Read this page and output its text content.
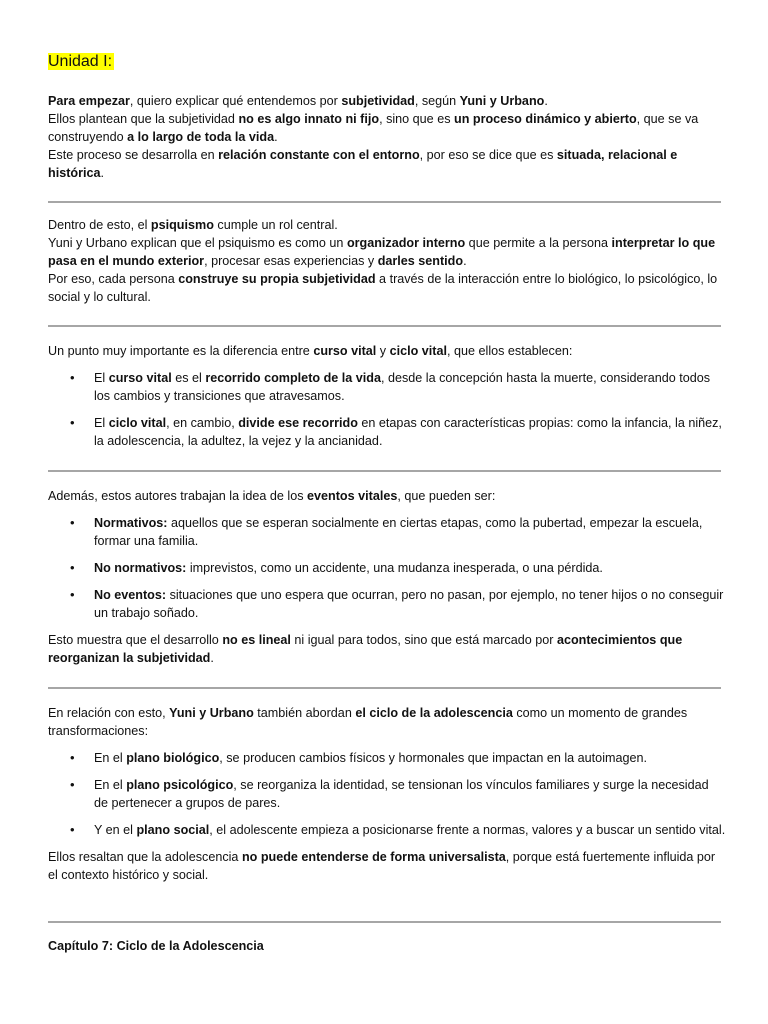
Unidad I:

Para empezar, quiero explicar qué entendemos por subjetividad, según Yuni y Urbano.

Ellos plantean que la subjetividad no es algo innato ni fijo, sino que es un proceso dinámico y abierto, que se va construyendo a lo largo de toda la vida.

Este proceso se desarrolla en relación constante con el entorno, por eso se dice que es situada, relacional e histórica.

Dentro de esto, el psiquismo cumple un rol central.

Yuni y Urbano explican que el psiquismo es como un organizador interno que permite a la persona interpretar lo que pasa en el mundo exterior, procesar esas experiencias y darles sentido.

Por eso, cada persona construye su propia subjetividad a través de la interacción entre lo biológico, lo psicológico, lo social y lo cultural.

Un punto muy importante es la diferencia entre curso vital y ciclo vital, que ellos establecen:

• El curso vital es el recorrido completo de la vida, desde la concepción hasta la muerte, considerando todos los cambios y transiciones que atravesamos.
• El ciclo vital, en cambio, divide ese recorrido en etapas con características propias: como la infancia, la niñez, la adolescencia, la adultez, la vejez y la ancianidad.

Además, estos autores trabajan la idea de los eventos vitales, que pueden ser:

• Normativos: aquellos que se esperan socialmente en ciertas etapas, como la pubertad, empezar la escuela, formar una familia.
• No normativos: imprevistos, como un accidente, una mudanza inesperada, o una pérdida.
• No eventos: situaciones que uno espera que ocurran, pero no pasan, por ejemplo, no tener hijos o no conseguir un trabajo soñado.

Esto muestra que el desarrollo no es lineal ni igual para todos, sino que está marcado por acontecimientos que reorganizan la subjetividad.

En relación con esto, Yuni y Urbano también abordan el ciclo de la adolescencia como un momento de grandes transformaciones:

• En el plano biológico, se producen cambios físicos y hormonales que impactan en la autoimagen.
• En el plano psicológico, se reorganiza la identidad, se tensionan los vínculos familiares y surge la necesidad de pertenecer a grupos de pares.
• Y en el plano social, el adolescente empieza a posicionarse frente a normas, valores y a buscar un sentido vital.

Ellos resaltan que la adolescencia no puede entenderse de forma universalista, porque está fuertemente influida por el contexto histórico y social.

Capítulo 7: Ciclo de la Adolescencia
